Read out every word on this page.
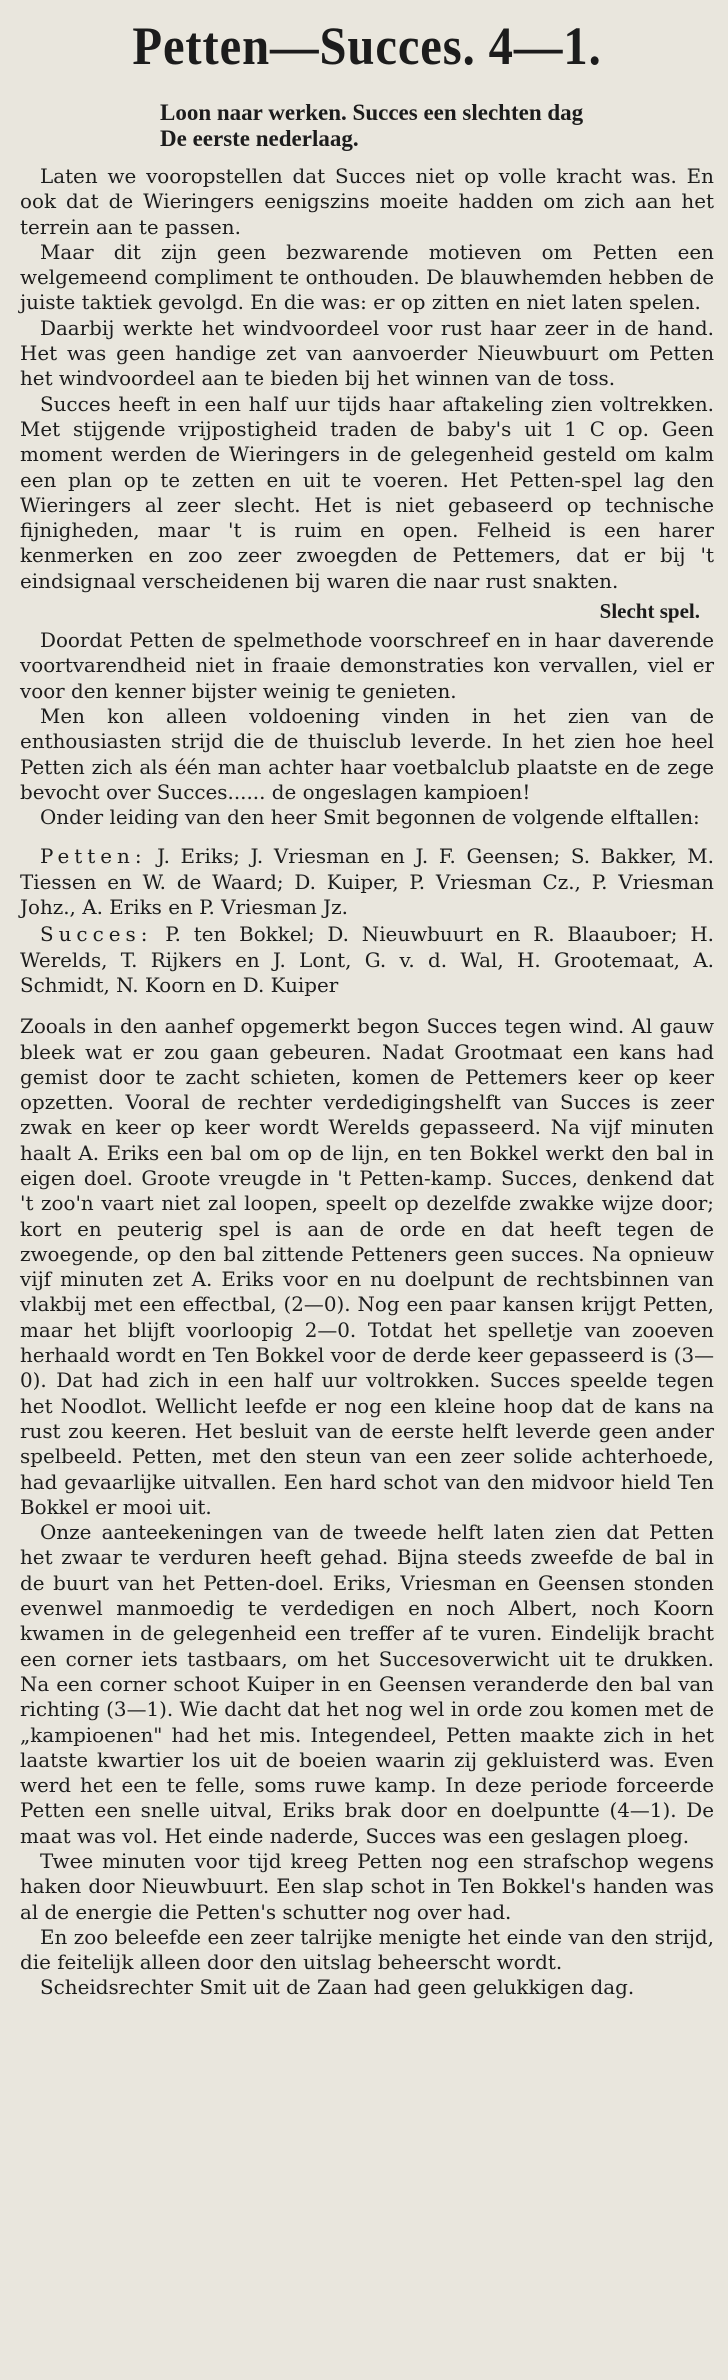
Petten—Succes. 4—1.
Loon naar werken. Succes een slechten dag
De eerste nederlaag.

Laten we vooropstellen dat Succes niet op volle kracht was. En ook dat de Wieringers eenigszins moeite hadden om zich aan het terrein aan te passen.

Maar dit zijn geen bezwarende motieven om Petten een welgemeend compliment te onthouden. De blauwhemden hebben de juiste taktiek gevolgd. En die was: er op zitten en niet laten spelen.

Daarbij werkte het windvoordeel voor rust haar zeer in de hand. Het was geen handige zet van aanvoerder Nieuwbuurt om Petten het windvoordeel aan te bieden bij het winnen van de toss.

Succes heeft in een half uur tijds haar aftakeling zien voltrekken. Met stijgende vrijpostigheid traden de baby's uit 1 C op. Geen moment werden de Wieringers in de gelegenheid gesteld om kalm een plan op te zetten en uit te voeren. Het Petten-spel lag den Wieringers al zeer slecht. Het is niet gebaseerd op technische fijnigheden, maar 't is ruim en open. Felheid is een harer kenmerken en zoo zeer zwoegden de Pettemers, dat er bij 't eindsignaal verscheidenen bij waren die naar rust snakten.

Slecht spel.

Doordat Petten de spelmethode voorschreef en in haar daverende voortvarendheid niet in fraaie demonstraties kon vervallen, viel er voor den kenner bijster weinig te genieten.

Men kon alleen voldoening vinden in het zien van de enthousiasten strijd die de thuisclub leverde. In het zien hoe heel Petten zich als één man achter haar voetbalclub plaatste en de zege bevocht over Succes...... de ongeslagen kampioen!

Onder leiding van den heer Smit begonnen de volgende elftallen:

Petten: J. Eriks; J. Vriesman en J. F. Geensen; S. Bakker, M. Tiessen en W. de Waard; D. Kuiper, P. Vriesman Cz., P. Vriesman Johz., A. Eriks en P. Vriesman Jz.

Succes: P. ten Bokkel; D. Nieuwbuurt en R. Blaauboer; H. Werelds, T. Rijkers en J. Lont, G. v. d. Wal, H. Grootemaat, A. Schmidt, N. Koorn en D. Kuiper

Zooals in den aanhef opgemerkt begon Succes tegen wind. Al gauw bleek wat er zou gaan gebeuren. Nadat Grootmaat een kans had gemist door te zacht schieten, komen de Pettemers keer op keer opzetten. Vooral de rechter verdedigingshelft van Succes is zeer zwak en keer op keer wordt Werelds gepasseerd. Na vijf minuten haalt A. Eriks een bal om op de lijn, en ten Bokkel werkt den bal in eigen doel. Groote vreugde in 't Petten-kamp. Succes, denkend dat 't zoo'n vaart niet zal loopen, speelt op dezelfde zwakke wijze door; kort en peuterig spel is aan de orde en dat heeft tegen de zwoegende, op den bal zittende Petteners geen succes. Na opnieuw vijf minuten zet A. Eriks voor en nu doelpunt de rechtsbinnen van vlakbij met een effectbal, (2—0). Nog een paar kansen krijgt Petten, maar het blijft voorloopig 2—0. Totdat het spelletje van zooeven herhaald wordt en Ten Bokkel voor de derde keer gepasseerd is (3—0). Dat had zich in een half uur voltrokken. Succes speelde tegen het Noodlot. Wellicht leefde er nog een kleine hoop dat de kans na rust zou keeren. Het besluit van de eerste helft leverde geen ander spelbeeld. Petten, met den steun van een zeer solide achterhoede, had gevaarlijke uitvallen. Een hard schot van den midvoor hield Ten Bokkel er mooi uit.

Onze aanteekeningen van de tweede helft laten zien dat Petten het zwaar te verduren heeft gehad. Bijna steeds zweefde de bal in de buurt van het Petten-doel. Eriks, Vriesman en Geensen stonden evenwel manmoedig te verdedigen en noch Albert, noch Koorn kwamen in de gelegenheid een treffer af te vuren. Eindelijk bracht een corner iets tastbaars, om het Succesoverwicht uit te drukken. Na een corner schoot Kuiper in en Geensen veranderde den bal van richting (3—1). Wie dacht dat het nog wel in orde zou komen met de „kampioenen" had het mis. Integendeel, Petten maakte zich in het laatste kwartier los uit de boeien waarin zij gekluisterd was. Even werd het een te felle, soms ruwe kamp. In deze periode forceerde Petten een snelle uitval, Eriks brak door en doelpuntte (4—1). De maat was vol. Het einde naderde, Succes was een geslagen ploeg.

Twee minuten voor tijd kreeg Petten nog een strafschop wegens haken door Nieuwbuurt. Een slap schot in Ten Bokkel's handen was al de energie die Petten's schutter nog over had.

En zoo beleefde een zeer talrijke menigte het einde van den strijd, die feitelijk alleen door den uitslag beheerscht wordt.

Scheidsrechter Smit uit de Zaan had geen gelukkigen dag.
